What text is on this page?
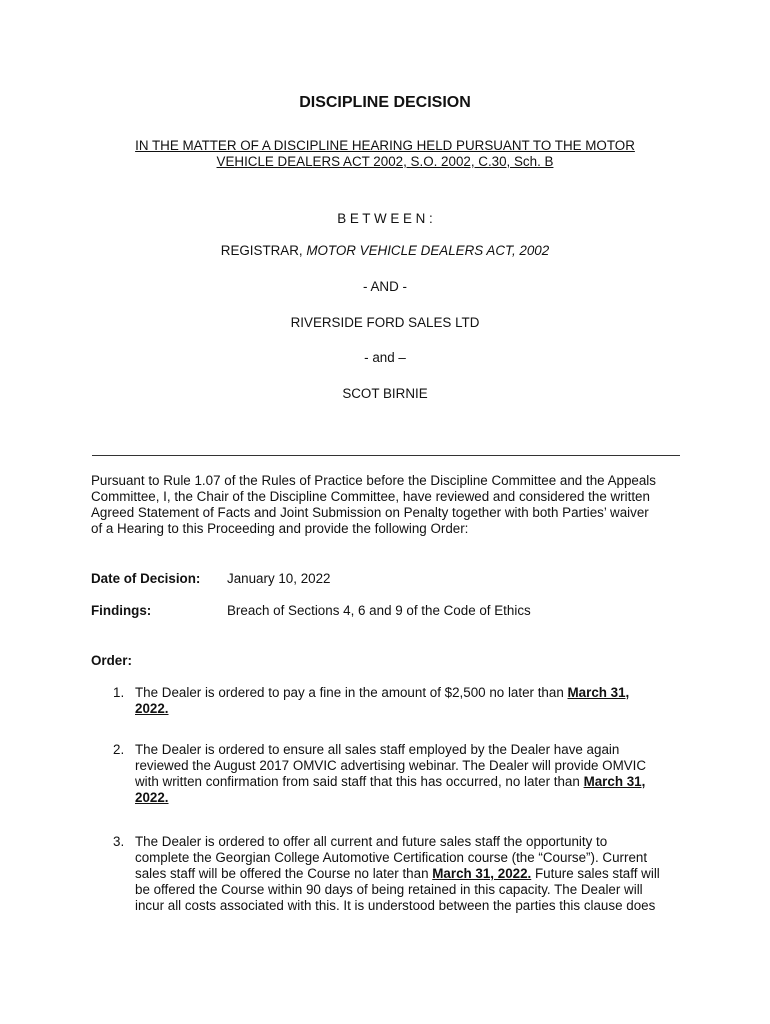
DISCIPLINE DECISION
IN THE MATTER OF A DISCIPLINE HEARING HELD PURSUANT TO THE MOTOR
VEHICLE DEALERS ACT 2002, S.O. 2002, C.30, Sch. B
B E T W E E N :
REGISTRAR, MOTOR VEHICLE DEALERS ACT, 2002
- AND -
RIVERSIDE FORD SALES LTD
- and –
SCOT BIRNIE
Pursuant to Rule 1.07 of the Rules of Practice before the Discipline Committee and the Appeals
Committee, I, the Chair of the Discipline Committee, have reviewed and considered the written
Agreed Statement of Facts and Joint Submission on Penalty together with both Parties’ waiver
of a Hearing to this Proceeding and provide the following Order:
Date of Decision: January 10, 2022
Findings:	Breach of Sections 4, 6 and 9 of the Code of Ethics
Order:
1. The Dealer is ordered to pay a fine in the amount of $2,500 no later than March 31,
2022.
2. The Dealer is ordered to ensure all sales staff employed by the Dealer have again
reviewed the August 2017 OMVIC advertising webinar. The Dealer will provide OMVIC
with written confirmation from said staff that this has occurred, no later than March 31,
2022.
3. The Dealer is ordered to offer all current and future sales staff the opportunity to
complete the Georgian College Automotive Certification course (the “Course”). Current
sales staff will be offered the Course no later than March 31, 2022. Future sales staff will
be offered the Course within 90 days of being retained in this capacity. The Dealer will
incur all costs associated with this. It is understood between the parties this clause does
